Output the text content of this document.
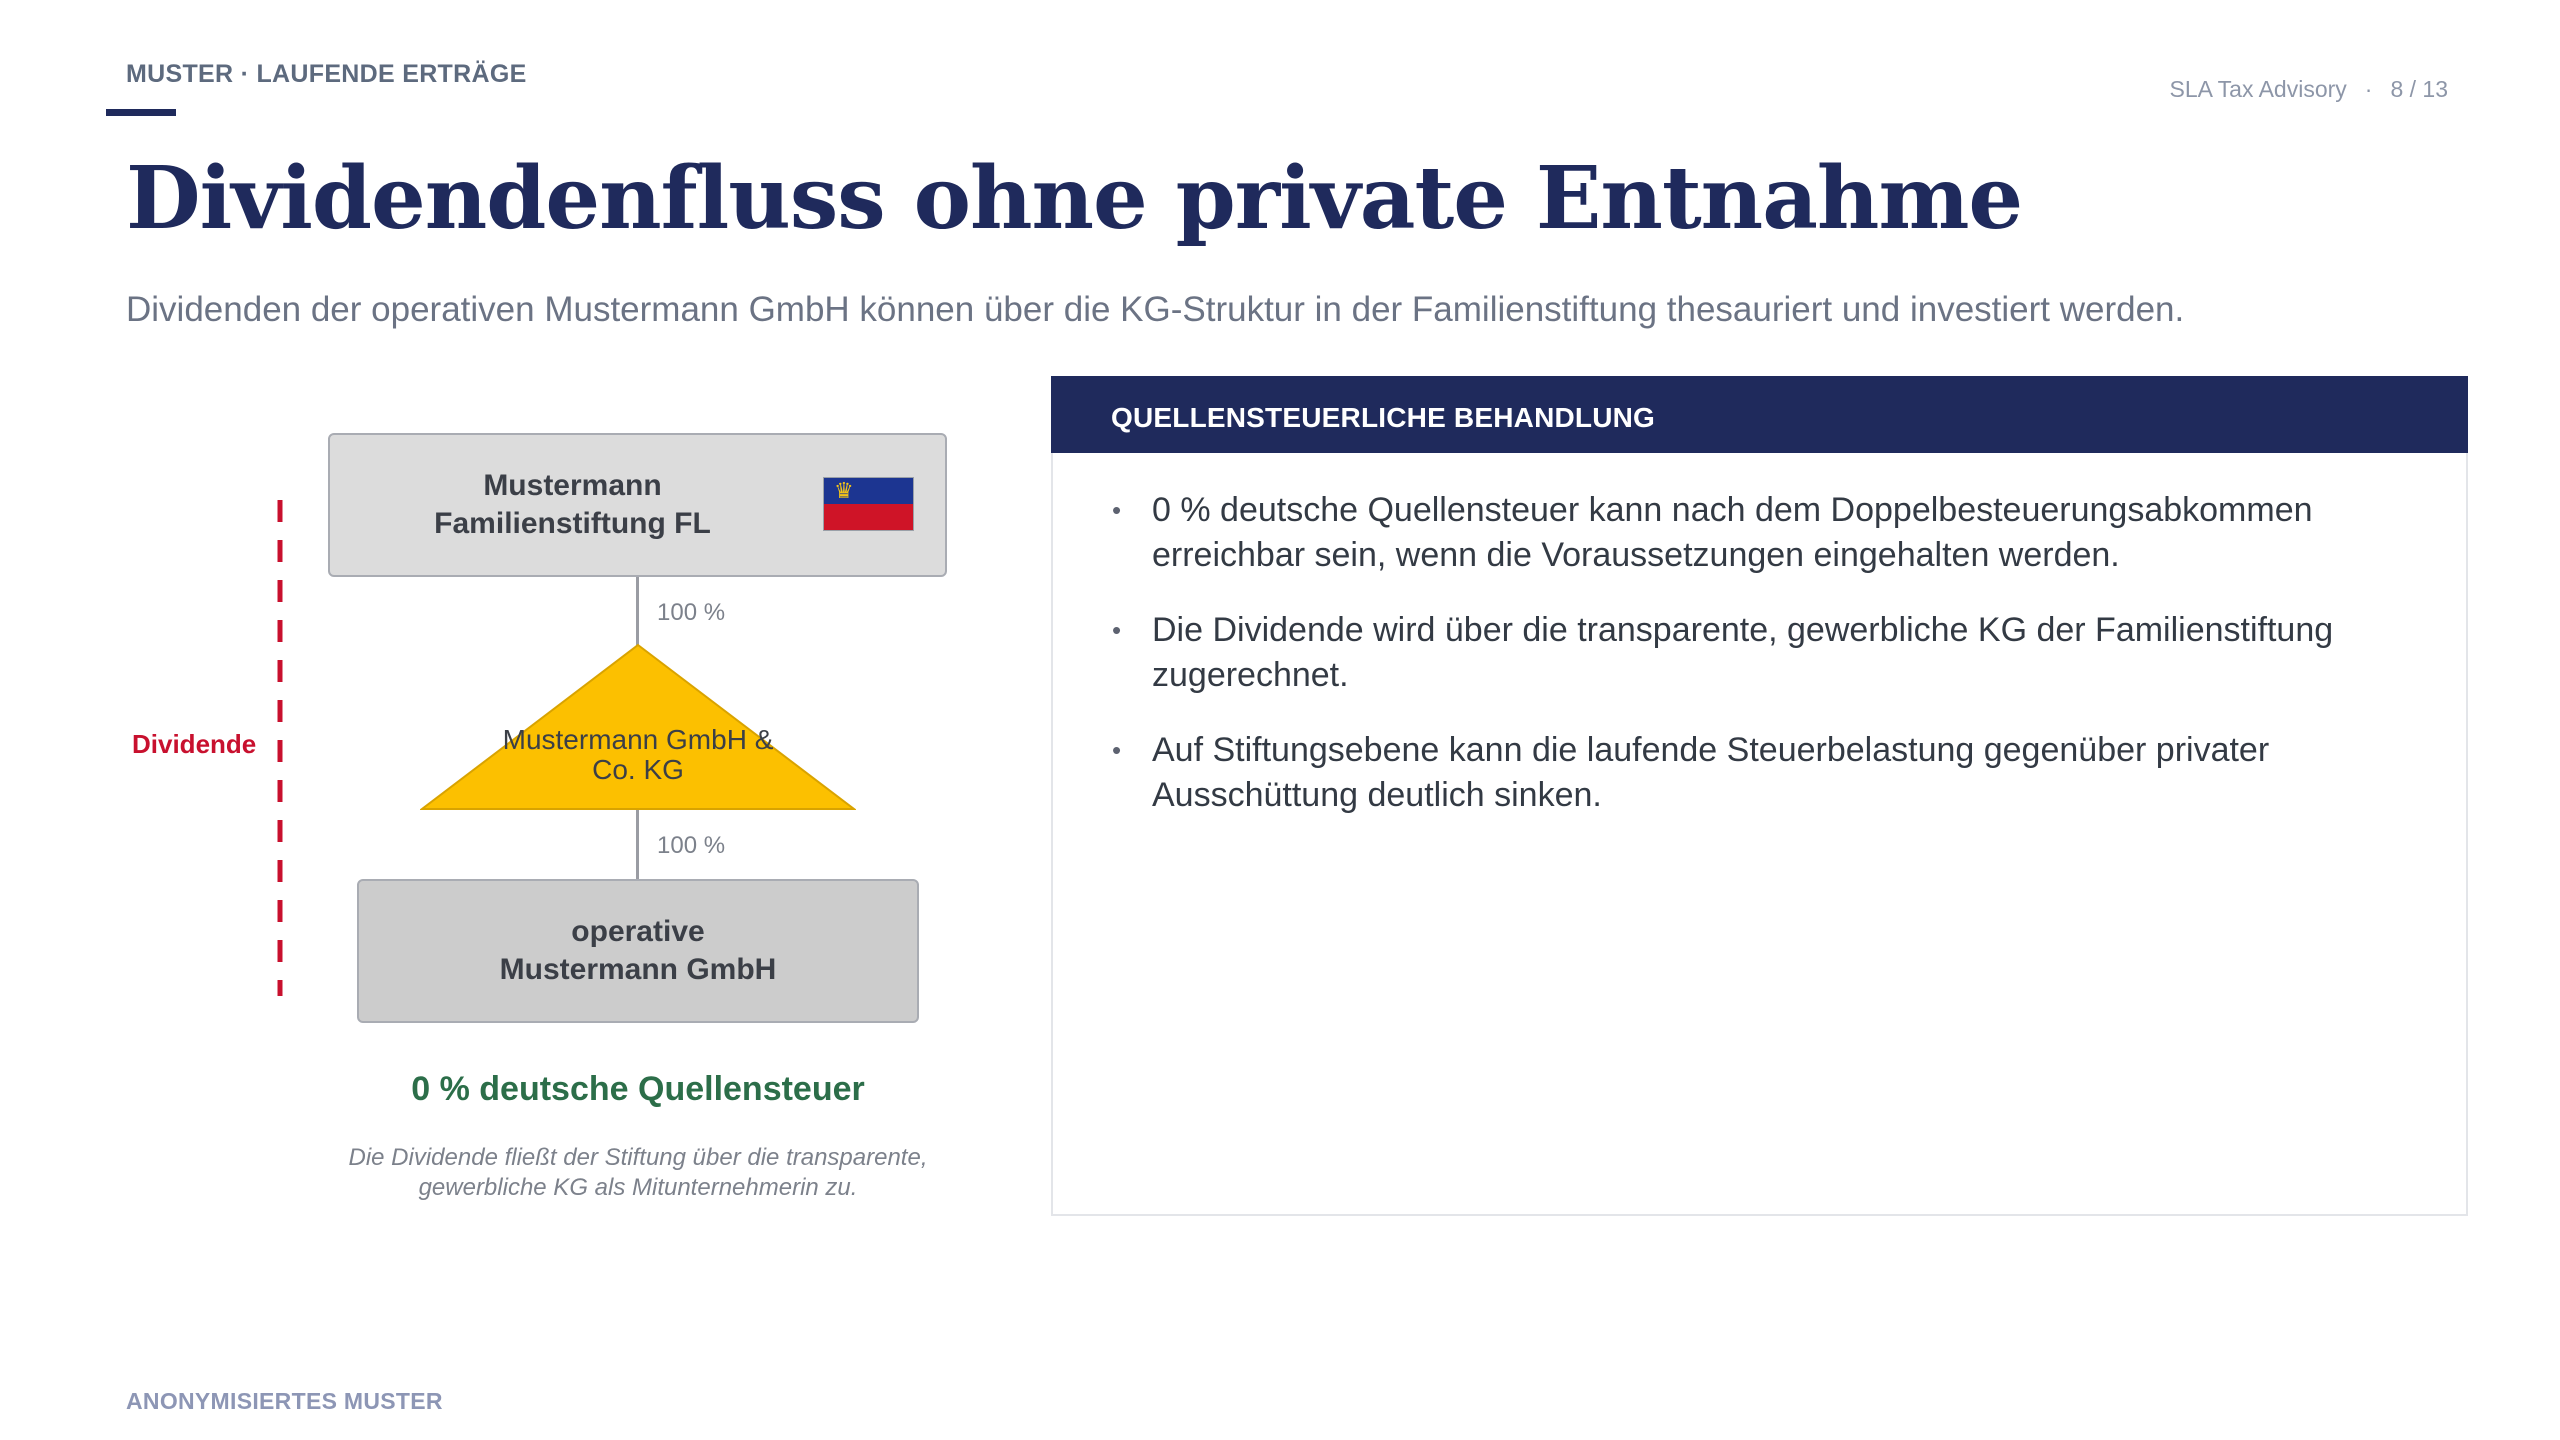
MUSTER · LAUFENDE ERTRÄGE
SLA Tax Advisory · 8 / 13
Dividendenfluss ohne private Entnahme
Dividenden der operativen Mustermann GmbH können über die KG-Struktur in der Familienstiftung thesauriert und investiert werden.
Dividende
Mustermann
Familienstiftung FL
♛
100 %
Mustermann GmbH &
Co. KG
100 %
operative
Mustermann GmbH
0 % deutsche Quellensteuer
Die Dividende fließt der Stiftung über die transparente,
gewerbliche KG als Mitunternehmerin zu.
QUELLENSTEUERLICHE BEHANDLUNG
• 0 % deutsche Quellensteuer kann nach dem Doppelbesteuerungsabkommen erreichbar sein, wenn die Voraussetzungen eingehalten werden.
• Die Dividende wird über die transparente, gewerbliche KG der Familienstiftung zugerechnet.
• Auf Stiftungsebene kann die laufende Steuerbelastung gegenüber privater Ausschüttung deutlich sinken.
ANONYMISIERTES MUSTER
